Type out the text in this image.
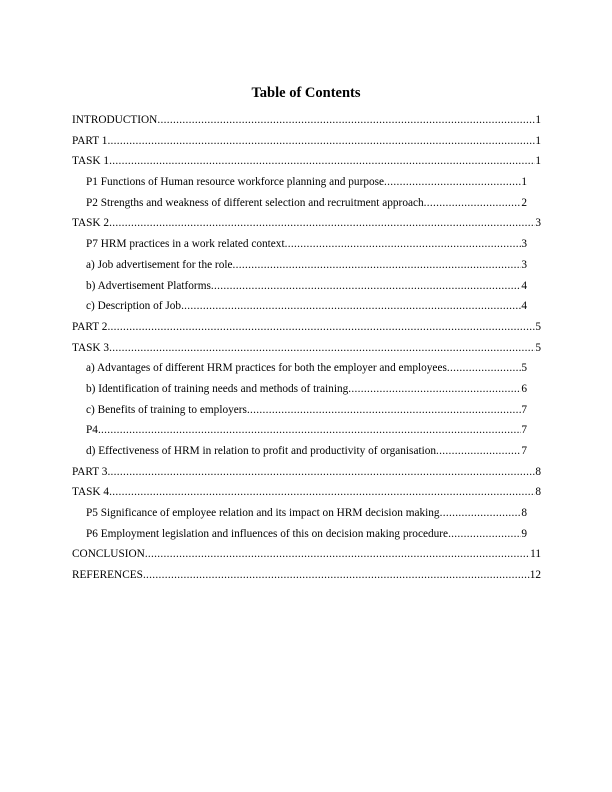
Table of Contents
INTRODUCTION .....	1
PART 1 .....	1
TASK 1 .....	1
P1 Functions of Human resource workforce planning and purpose .....	1
P2 Strengths and weakness of different selection and recruitment approach .....	2
TASK 2 .....	3
P7 HRM practices in a work related context .....	3
a) Job advertisement for the role .....	3
b) Advertisement Platforms .....	4
c) Description of Job .....	4
PART 2 .....	5
TASK 3 .....	5
a) Advantages of different HRM practices for both the employer and employees .....	5
b) Identification of training needs and methods of training .....	6
c) Benefits of training to employers .....	7
P4 .....	7
d) Effectiveness of HRM in relation to profit and productivity of organisation .....	7
PART 3 .....	8
TASK 4 .....	8
P5 Significance of employee relation and its impact on HRM decision making .....	8
P6 Employment legislation and influences of this on decision making procedure .....	9
CONCLUSION .....	11
REFERENCES .....	12
